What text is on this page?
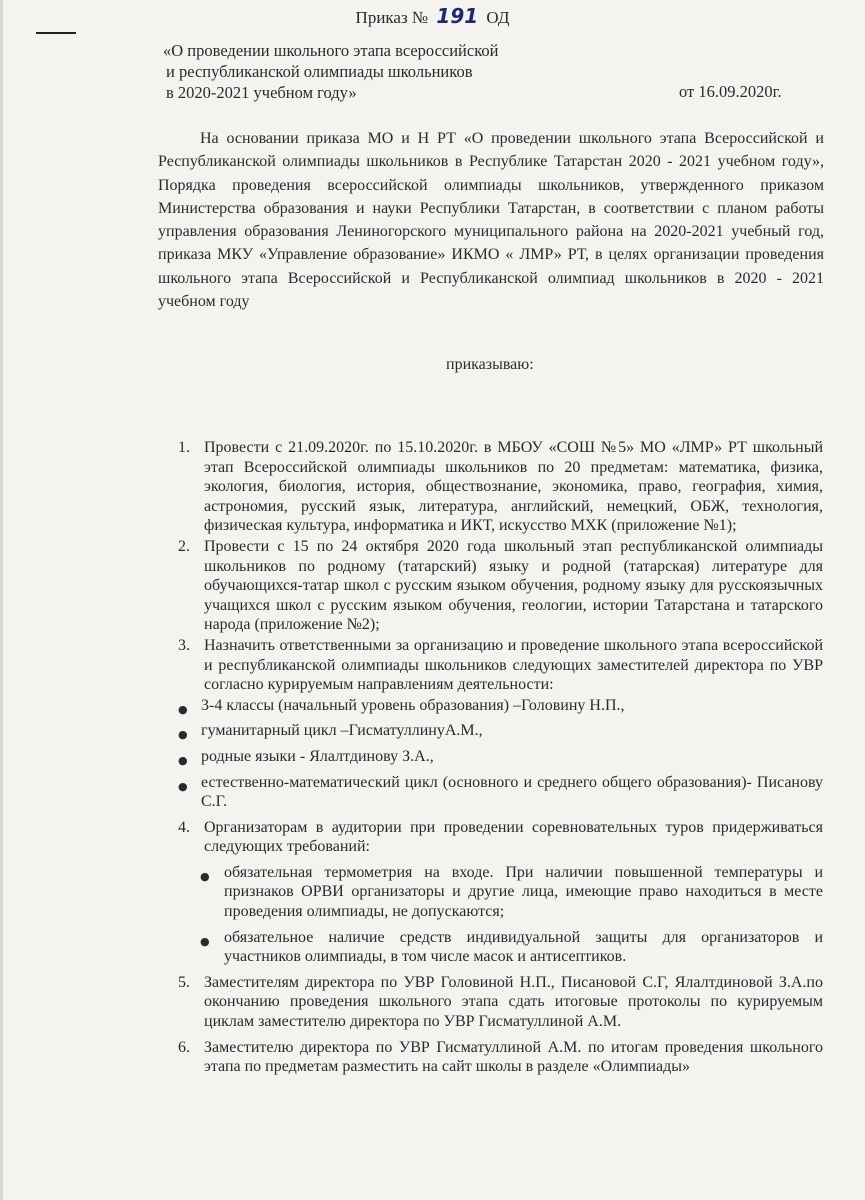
Приказ № 191 ОД
«О проведении школьного этапа всероссийской
и республиканской олимпиады школьников
в 2020-2021 учебном году»	от 16.09.2020г.
На основании приказа МО и Н РТ «О проведении школьного этапа Всероссийской и Республиканской олимпиады школьников в Республике Татарстан 2020 - 2021 учебном году», Порядка проведения всероссийской олимпиады школьников, утвержденного приказом Министерства образования и науки Республики Татарстан, в соответствии с планом работы управления образования Лениногорского муниципального района на 2020-2021 учебный год, приказа МКУ «Управление образование» ИКМО « ЛМР» РТ, в целях организации проведения школьного этапа Всероссийской и Республиканской олимпиад школьников в 2020 - 2021 учебном году
приказываю:
1. Провести с 21.09.2020г. по 15.10.2020г. в МБОУ «СОШ №5» МО «ЛМР» РТ школьный этап Всероссийской олимпиады школьников по 20 предметам: математика, физика, экология, биология, история, обществознание, экономика, право, география, химия, астрономия, русский язык, литература, английский, немецкий, ОБЖ, технология, физическая культура, информатика и ИКТ, искусство МХК (приложение №1);
2. Провести с 15 по 24 октября 2020 года школьный этап республиканской олимпиады школьников по родному (татарский) языку и родной (татарская) литературе для обучающихся-татар школ с русским языком обучения, родному языку для русскоязычных учащихся школ с русским языком обучения, геологии, истории Татарстана и татарского народа (приложение №2);
3. Назначить ответственными за организацию и проведение школьного этапа всероссийской и республиканской олимпиады школьников следующих заместителей директора по УВР согласно курируемым направлениям деятельности:
● 3-4 классы (начальный уровень образования) –Головину Н.П.,
● гуманитарный цикл –ГисматуллинуА.М.,
● родные языки - Ялалтдинову З.А.,
● естественно-математический цикл (основного и среднего общего образования)- Писанову С.Г.
4. Организаторам в аудитории при проведении соревновательных туров придерживаться следующих требований:
● обязательная термометрия на входе. При наличии повышенной температуры и признаков ОРВИ организаторы и другие лица, имеющие право находиться в месте проведения олимпиады, не допускаются;
● обязательное наличие средств индивидуальной защиты для организаторов и участников олимпиады, в том числе масок и антисептиков.
5. Заместителям директора по УВР Головиной Н.П., Писановой С.Г, Ялалтдиновой З.А.по окончанию проведения школьного этапа сдать итоговые протоколы по курируемым циклам заместителю директора по УВР Гисматуллиной А.М.
6. Заместителю директора по УВР Гисматуллиной А.М. по итогам проведения школьного этапа по предметам разместить на сайт школы в разделе «Олимпиады»
